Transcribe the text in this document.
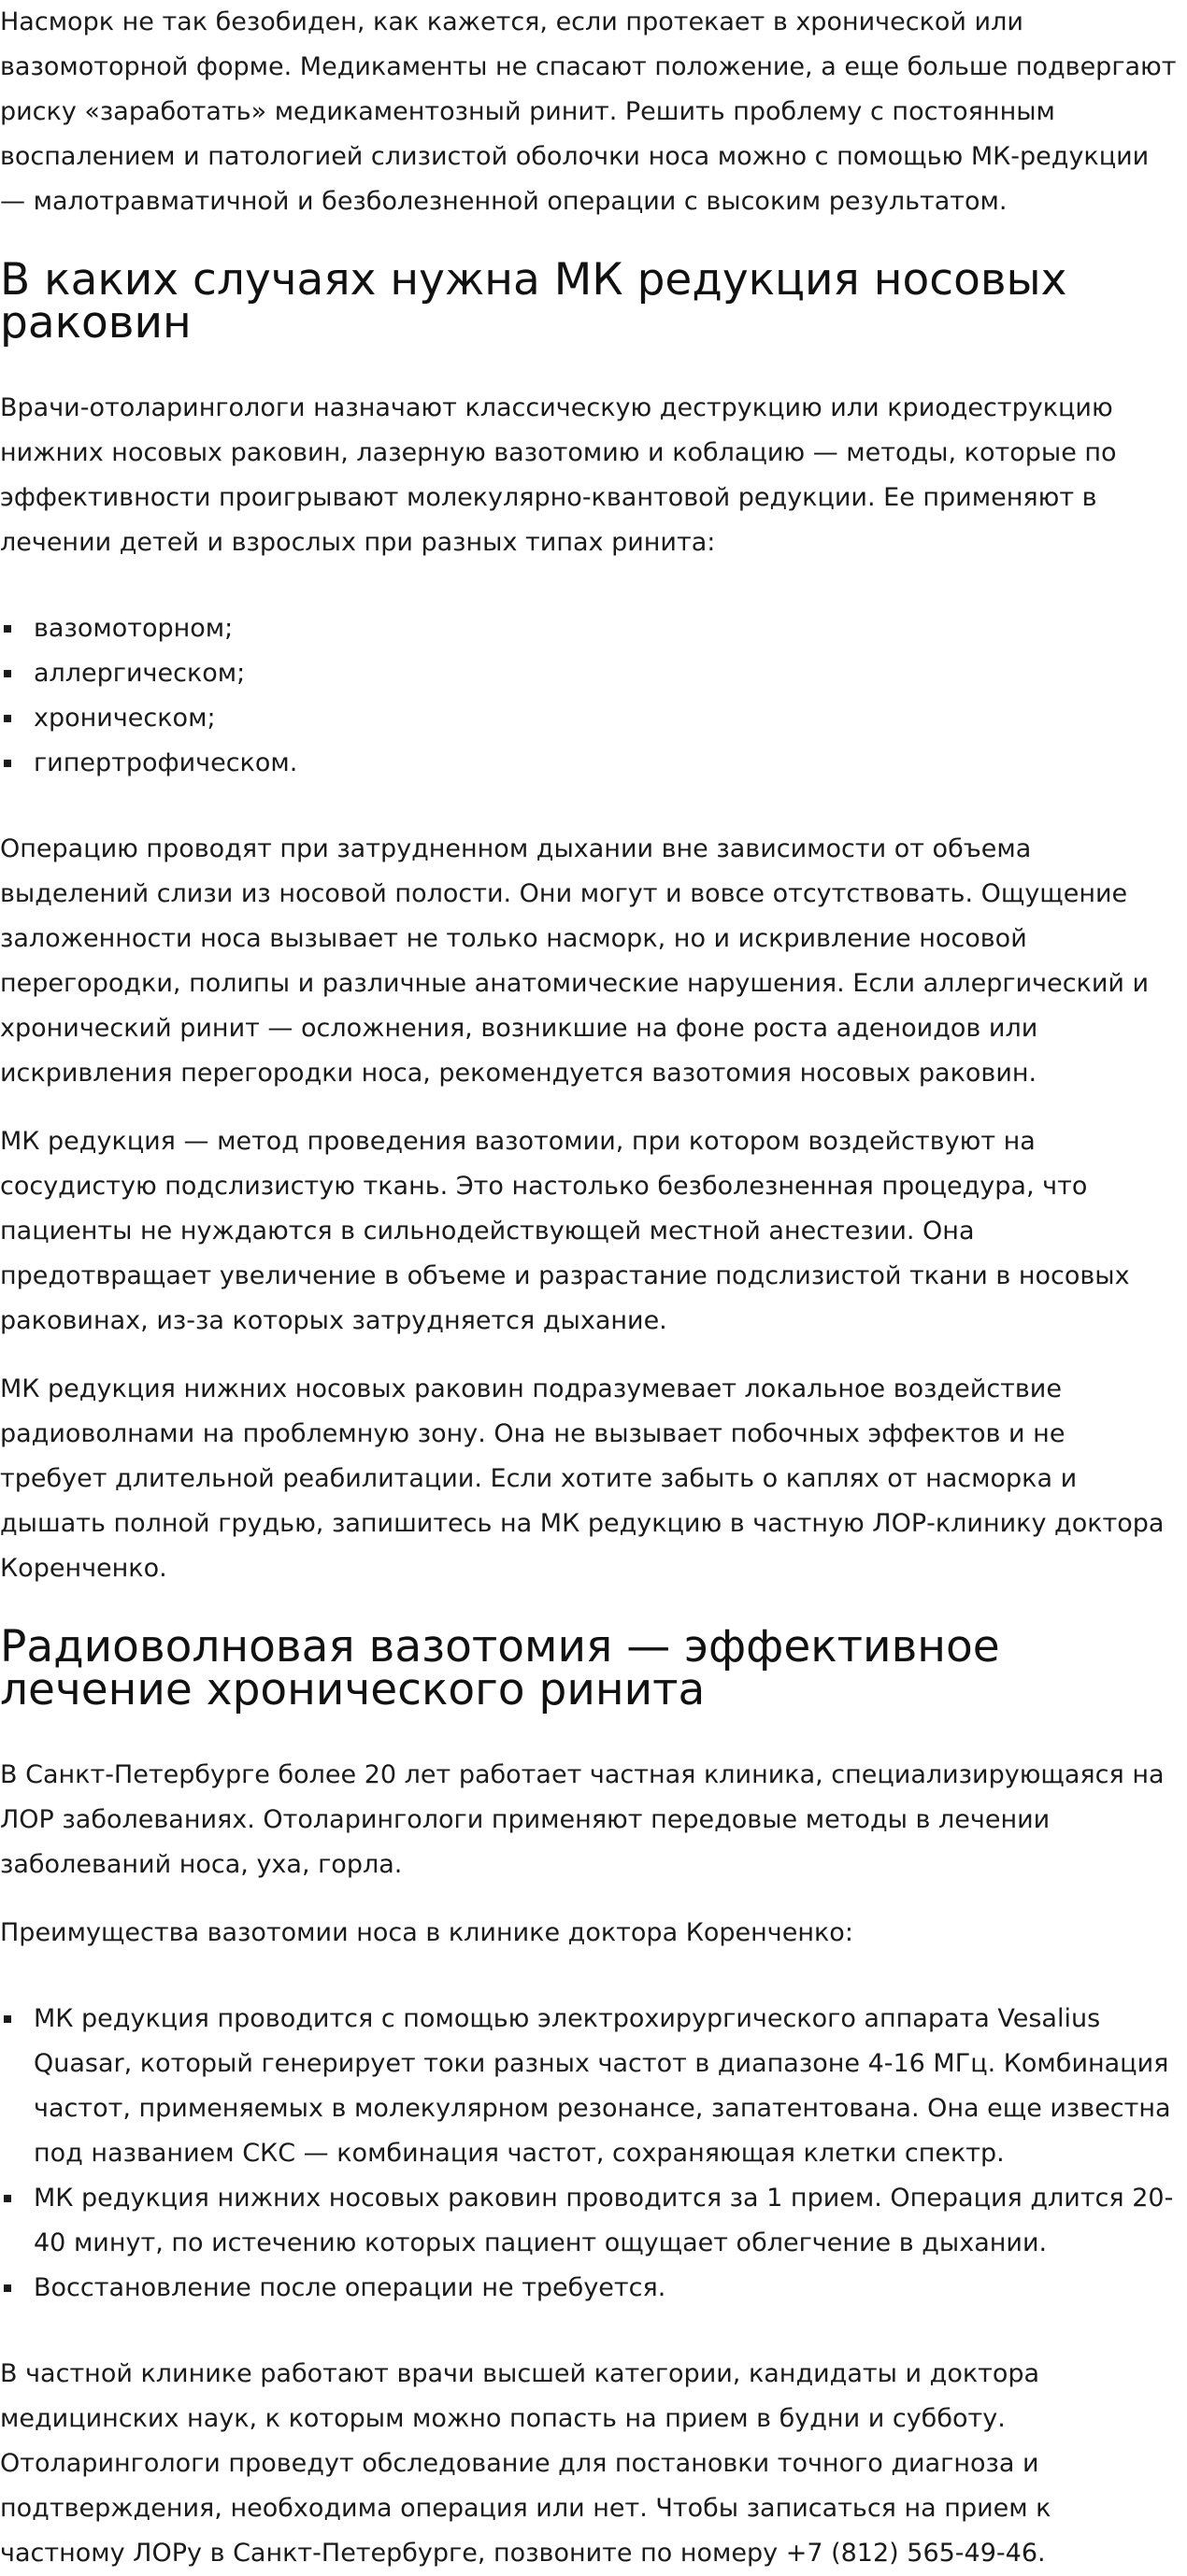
Насморк не так безобиден, как кажется, если протекает в хронической или вазомоторной форме. Медикаменты не спасают положение, а еще больше подвергают риску «заработать» медикаментозный ринит. Решить проблему с постоянным воспалением и патологией слизистой оболочки носа можно с помощью МК-редукции — малотравматичной и безболезненной операции с высоким результатом.

В каких случаях нужна МК редукция носовых раковин

Врачи-отоларингологи назначают классическую деструкцию или криодеструкцию нижних носовых раковин, лазерную вазотомию и коблацию — методы, которые по эффективности проигрывают молекулярно-квантовой редукции. Ее применяют в лечении детей и взрослых при разных типах ринита:

вазомоторном;
аллергическом;
хроническом;
гипертрофическом.

Операцию проводят при затрудненном дыхании вне зависимости от объема выделений слизи из носовой полости. Они могут и вовсе отсутствовать. Ощущение заложенности носа вызывает не только насморк, но и искривление носовой перегородки, полипы и различные анатомические нарушения. Если аллергический и хронический ринит — осложнения, возникшие на фоне роста аденоидов или искривления перегородки носа, рекомендуется вазотомия носовых раковин.

МК редукция — метод проведения вазотомии, при котором воздействуют на сосудистую подслизистую ткань. Это настолько безболезненная процедура, что пациенты не нуждаются в сильнодействующей местной анестезии. Она предотвращает увеличение в объеме и разрастание подслизистой ткани в носовых раковинах, из-за которых затрудняется дыхание.

МК редукция нижних носовых раковин подразумевает локальное воздействие радиоволнами на проблемную зону. Она не вызывает побочных эффектов и не требует длительной реабилитации. Если хотите забыть о каплях от насморка и дышать полной грудью, запишитесь на МК редукцию в частную ЛОР-клинику доктора Коренченко.

Радиоволновая вазотомия — эффективное лечение хронического ринита

В Санкт-Петербурге более 20 лет работает частная клиника, специализирующаяся на ЛОР заболеваниях. Отоларингологи применяют передовые методы в лечении заболеваний носа, уха, горла.

Преимущества вазотомии носа в клинике доктора Коренченко:

МК редукция проводится с помощью электрохирургического аппарата Vesalius Quasar, который генерирует токи разных частот в диапазоне 4-16 МГц. Комбинация частот, применяемых в молекулярном резонансе, запатентована. Она еще известна под названием СКС — комбинация частот, сохраняющая клетки спектр.
МК редукция нижних носовых раковин проводится за 1 прием. Операция длится 20-40 минут, по истечению которых пациент ощущает облегчение в дыхании.
Восстановление после операции не требуется.

В частной клинике работают врачи высшей категории, кандидаты и доктора медицинских наук, к которым можно попасть на прием в будни и субботу. Отоларингологи проведут обследование для постановки точного диагноза и подтверждения, необходима операция или нет. Чтобы записаться на прием к частному ЛОРу в Санкт-Петербурге, позвоните по номеру +7 (812) 565-49-46.
